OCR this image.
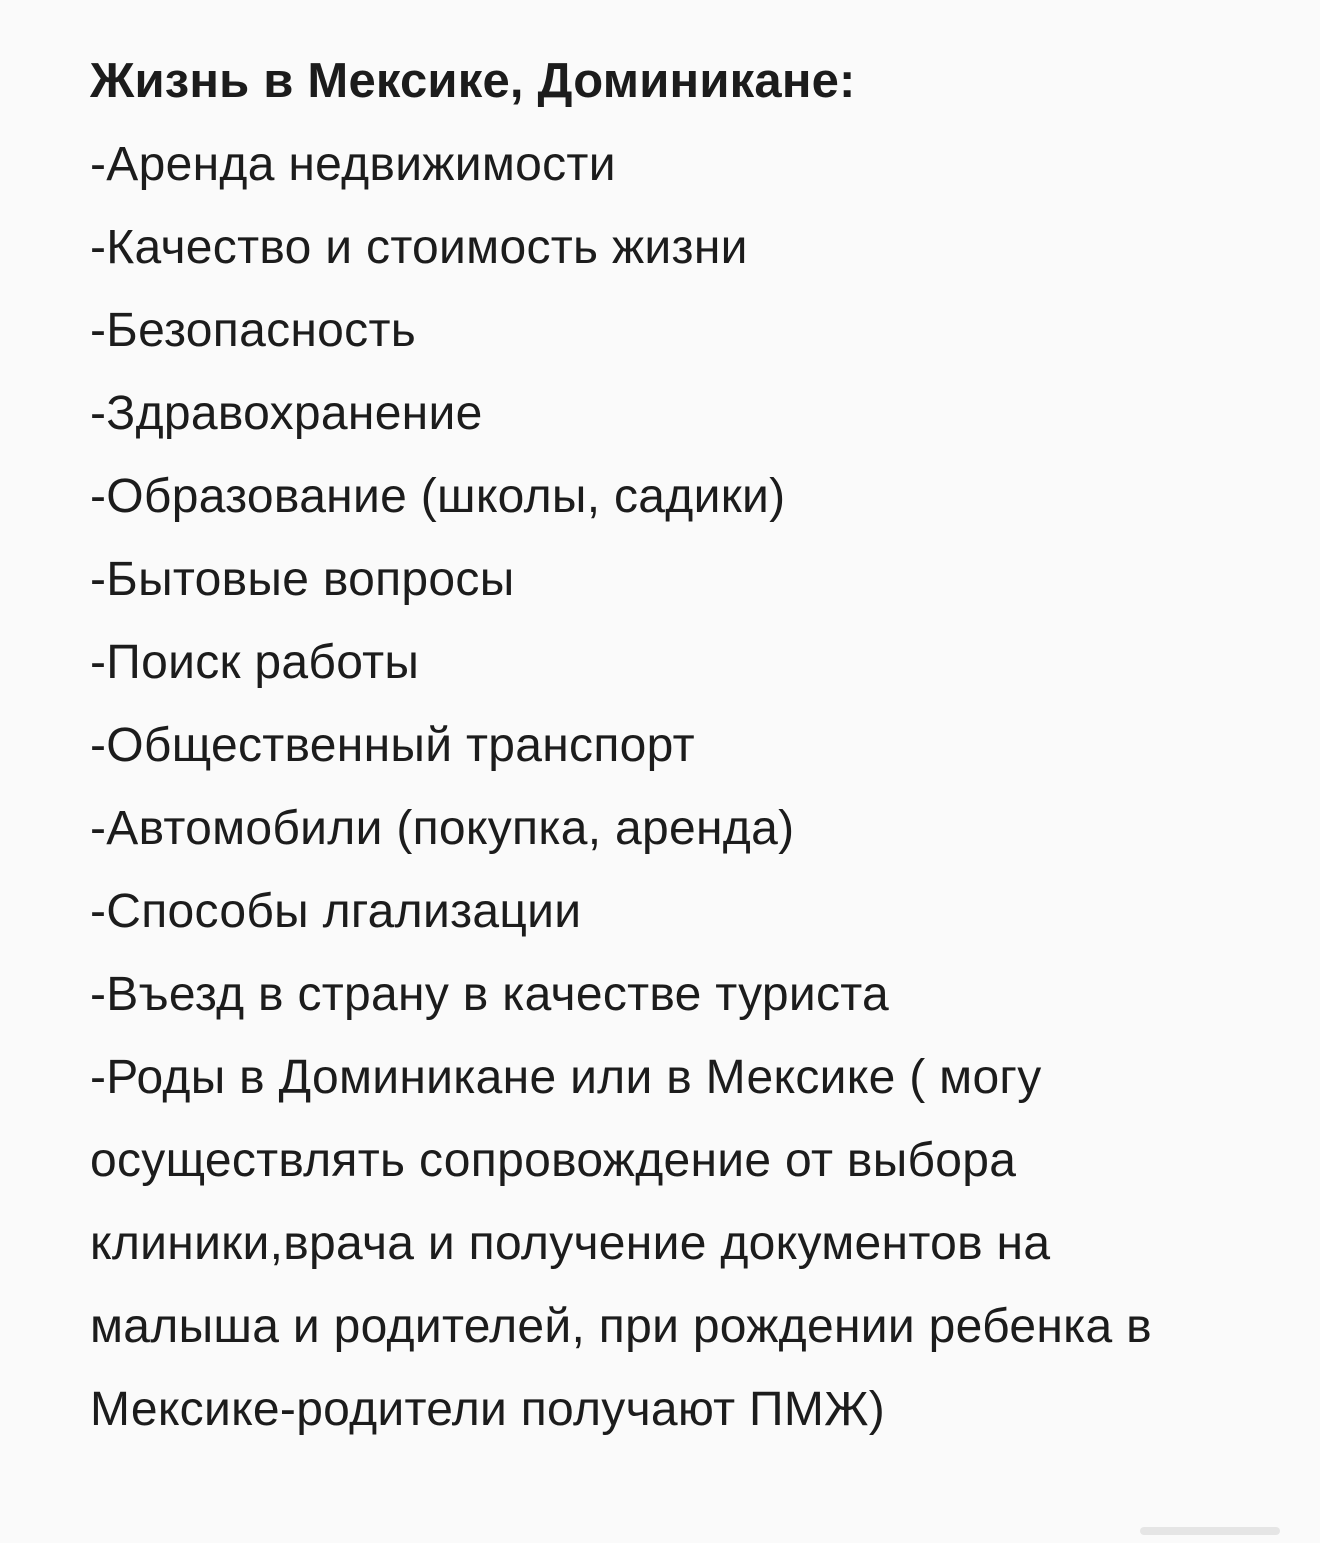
Жизнь в Мексике, Доминикане:
-Аренда недвижимости
-Качество и стоимость жизни
-Безопасность
-Здравохранение
-Образование (школы, садики)
-Бытовые вопросы
-Поиск работы
-Общественный транспорт
-Автомобили (покупка, аренда)
-Способы лгализации
-Въезд в страну в качестве туриста
-Роды в Доминикане или в Мексике ( могу осуществлять сопровождение от выбора клиники,врача и получение документов на малыша и родителей, при рождении ребенка в Мексике-родители получают ПМЖ)
